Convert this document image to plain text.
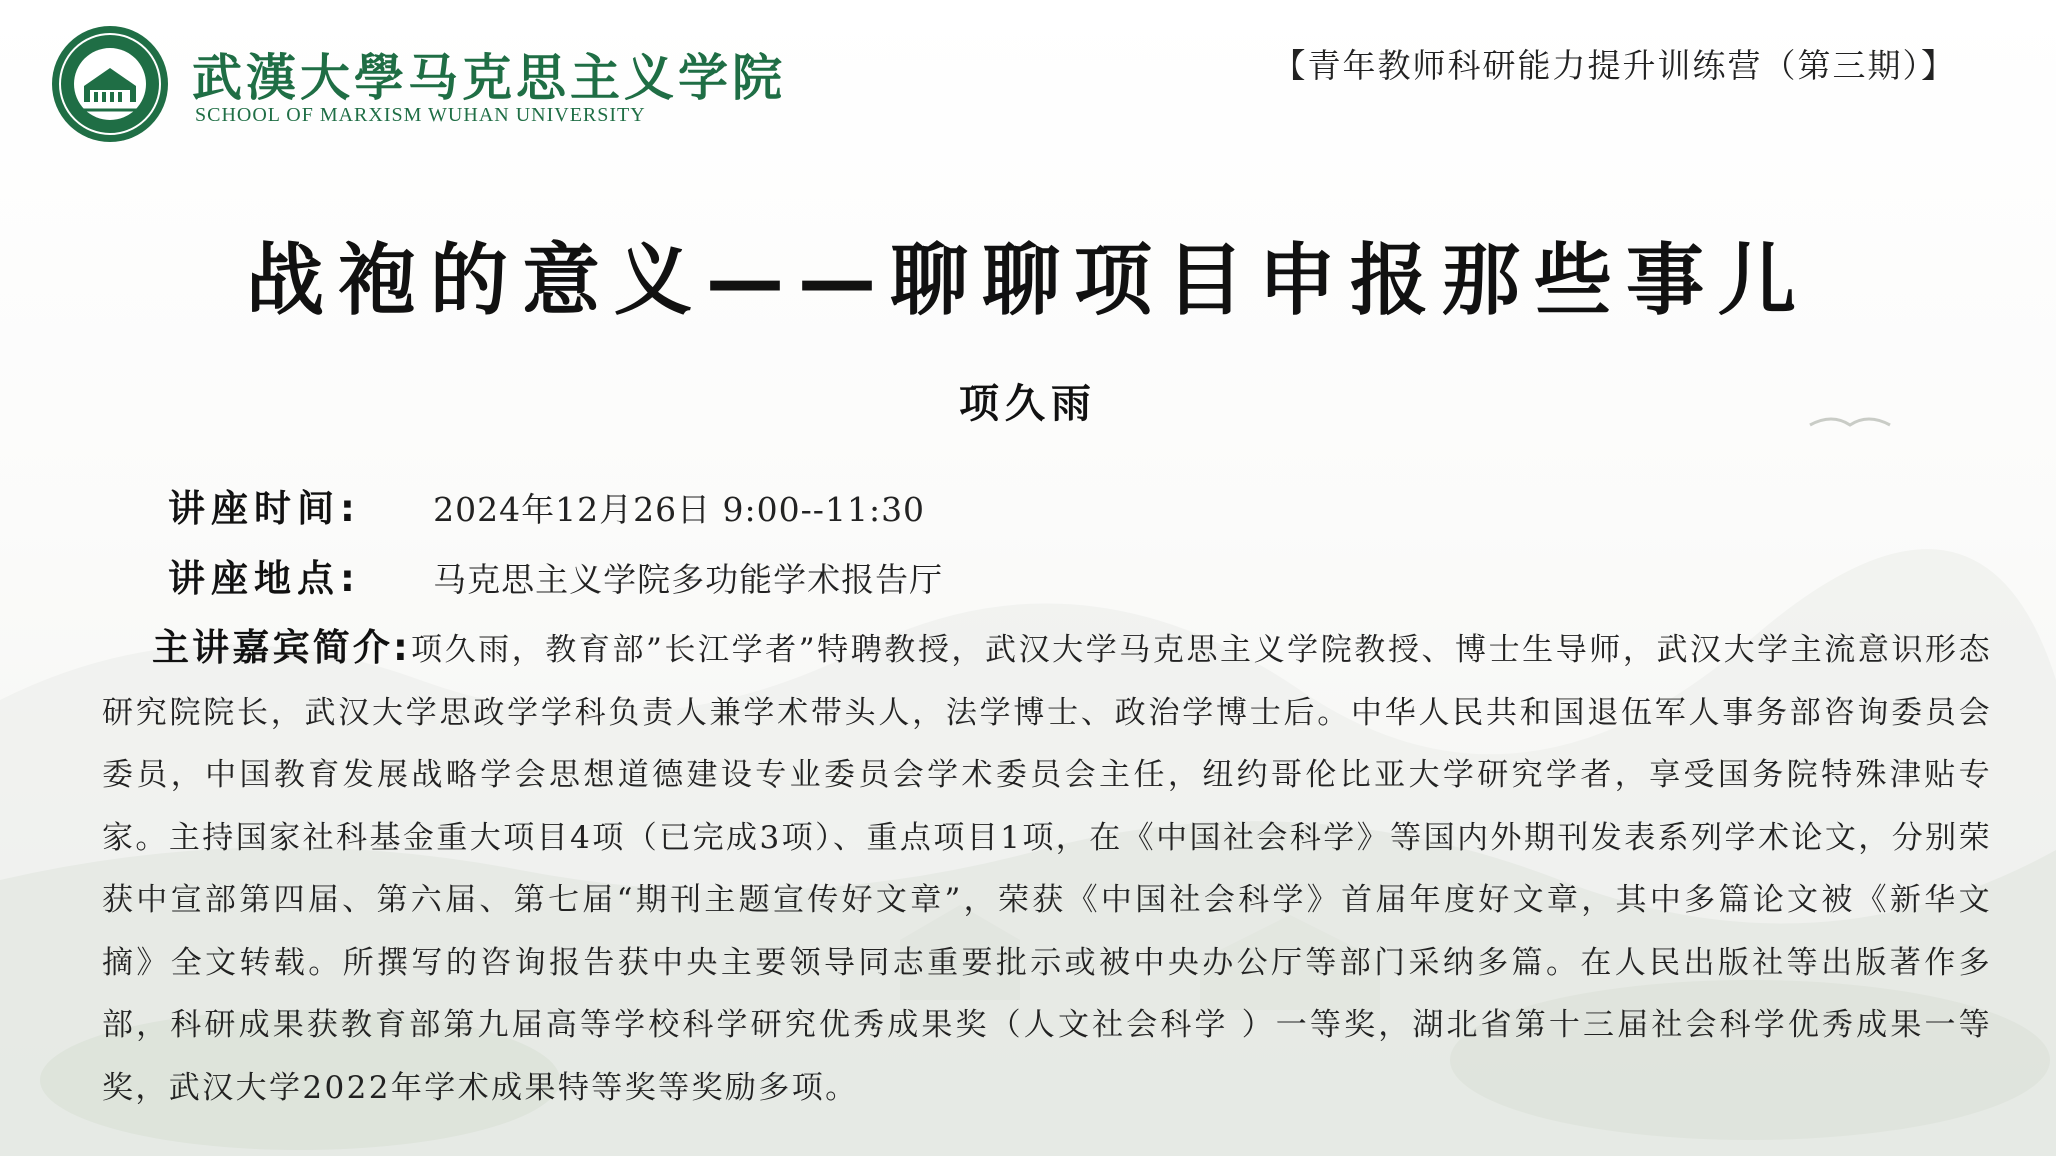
武漢大學马克思主义学院
SCHOOL OF MARXISM WUHAN UNIVERSITY
【青年教师科研能力提升训练营（第三期）】
战袍的意义——聊聊项目申报那些事儿
项久雨
讲座时间: 2024年12月26日 9:00--11:30
讲座地点: 马克思主义学院多功能学术报告厅
主讲嘉宾简介:项久雨，教育部”长江学者”特聘教授，武汉大学马克思主义学院教授、博士生导师，武汉大学主流意识形态研究院院长，武汉大学思政学学科负责人兼学术带头人，法学博士、政治学博士后。中华人民共和国退伍军人事务部咨询委员会委员，中国教育发展战略学会思想道德建设专业委员会学术委员会主任，纽约哥伦比亚大学研究学者，享受国务院特殊津贴专家。主持国家社科基金重大项目4项（已完成3项）、重点项目1项，在《中国社会科学》等国内外期刊发表系列学术论文，分别荣获中宣部第四届、第六届、第七届“期刊主题宣传好文章”，荣获《中国社会科学》首届年度好文章，其中多篇论文被《新华文摘》全文转载。所撰写的咨询报告获中央主要领导同志重要批示或被中央办公厅等部门采纳多篇。在人民出版社等出版著作多部，科研成果获教育部第九届高等学校科学研究优秀成果奖（人文社会科学 ）一等奖，湖北省第十三届社会科学优秀成果一等奖，武汉大学2022年学术成果特等奖等奖励多项。
